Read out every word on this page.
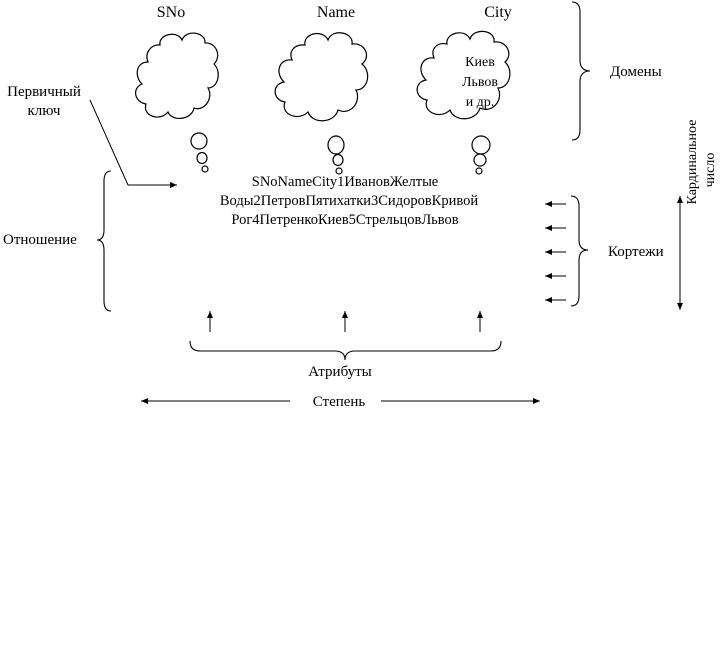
SNo	Name	City
Киев
Львов
и др.
Домены
Первичный
ключ
SNoNameCity1ИвановЖелтые
Воды2ПетровПятихатки3СидоровКривой
Рог4ПетренкоКиев5СтрельцовЛьвов
Отношение
Кортежи
Кардинальное число
Атрибуты
Степень
